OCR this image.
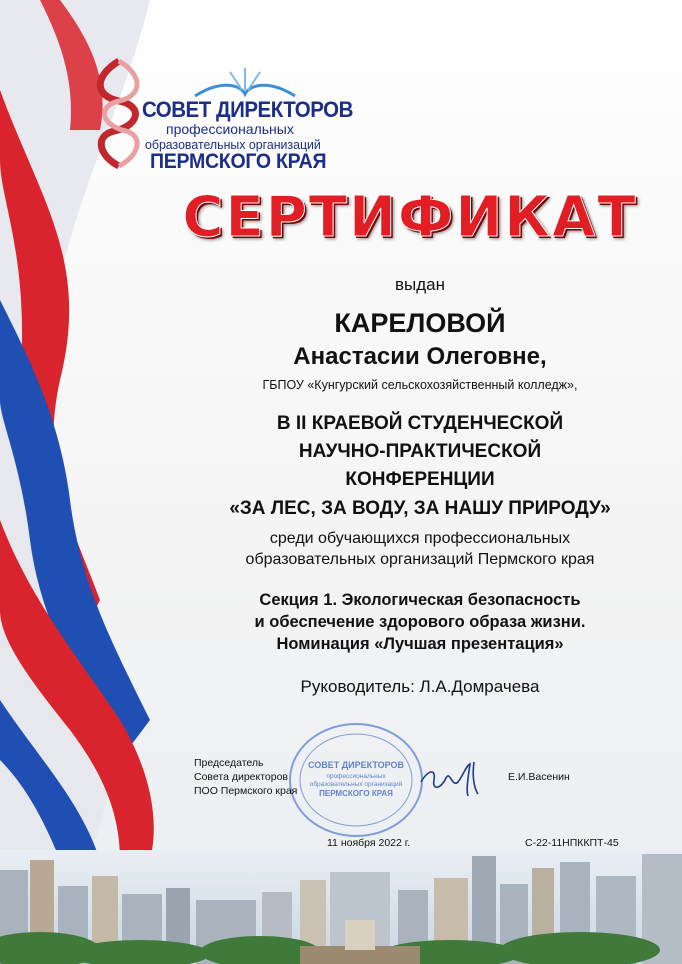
СОВЕТ ДИРЕКТОРОВ
профессиональных
образовательных организаций
ПЕРМСКОГО КРАЯ
СЕРТИФИКАТ
выдан
КАРЕЛОВОЙ
Анастасии Олеговне,
ГБПОУ «Кунгурский сельскохозяйственный колледж»,
В II КРАЕВОЙ СТУДЕНЧЕСКОЙ
НАУЧНО-ПРАКТИЧЕСКОЙ
КОНФЕРЕНЦИИ
«ЗА ЛЕС, ЗА ВОДУ, ЗА НАШУ ПРИРОДУ»
среди обучающихся профессиональных
образовательных организаций Пермского края
Секция 1. Экологическая безопасность
и обеспечение здорового образа жизни.
Номинация «Лучшая презентация»
Руководитель: Л.А.Домрачева
СОВЕТ ДИРЕКТОРОВ
профессиональных
образовательных организаций
ПЕРМСКОГО КРАЯ
Председатель
Совета директоров
ПОО Пермского края
Е.И.Васенин
11 ноября 2022 г.	С-22-11НПККПТ-45
